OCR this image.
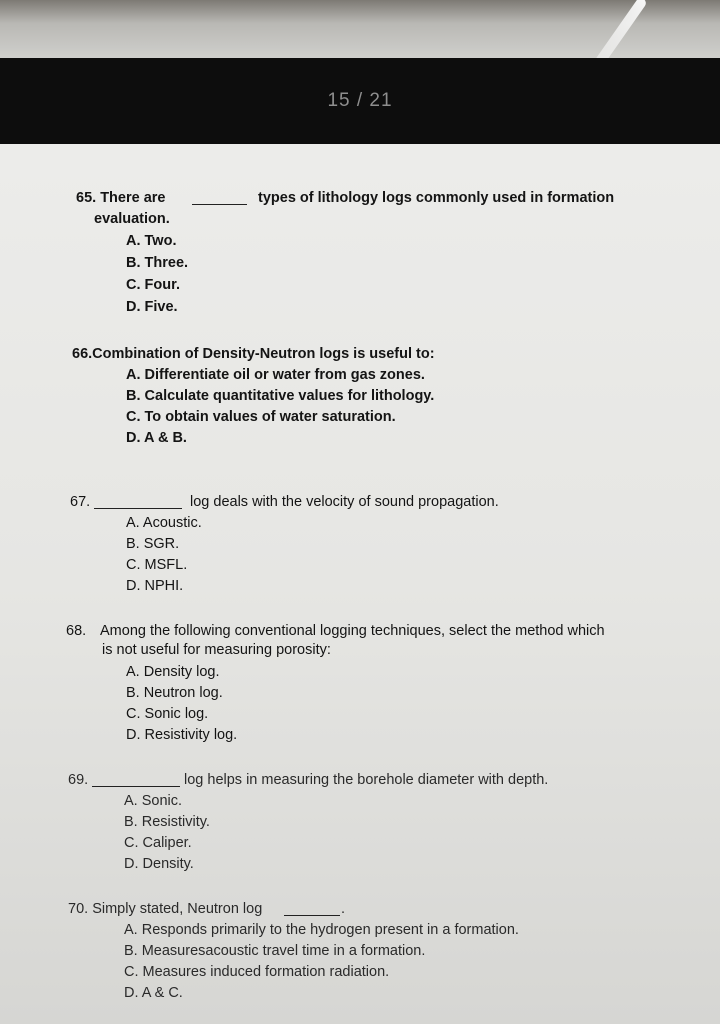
15 / 21
65. There are	types of lithology logs commonly used in formation
evaluation.
A. Two.
B. Three.
C. Four.
D. Five.
66.Combination of Density-Neutron logs is useful to:
A. Differentiate oil or water from gas zones.
B. Calculate quantitative values for lithology.
C. To obtain values of water saturation.
D. A & B.
67.	log deals with the velocity of sound propagation.
A. Acoustic.
B. SGR.
C. MSFL.
D. NPHI.
68. Among the following conventional logging techniques, select the method which
is not useful for measuring porosity:
A. Density log.
B. Neutron log.
C. Sonic log.
D. Resistivity log.
69.	log helps in measuring the borehole diameter with depth.
A. Sonic.
B. Resistivity.
C. Caliper.
D. Density.
70. Simply stated, Neutron log	.
A. Responds primarily to the hydrogen present in a formation.
B. Measuresacoustic travel time in a formation.
C. Measures induced formation radiation.
D. A & C.
